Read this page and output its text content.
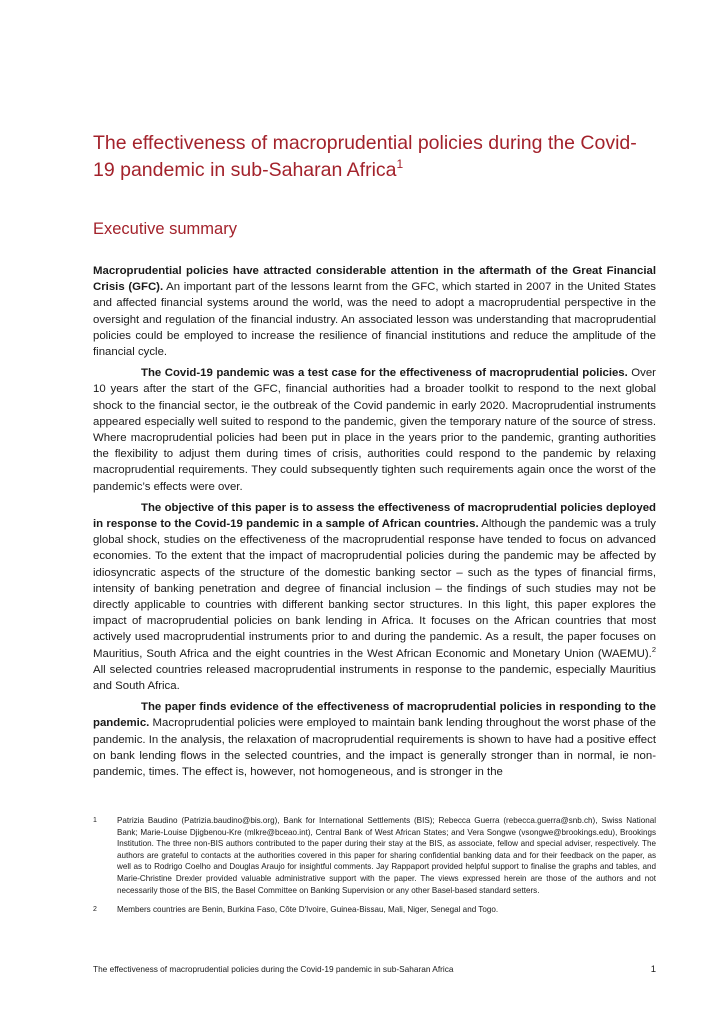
The effectiveness of macroprudential policies during the Covid-19 pandemic in sub-Saharan Africa$^1$
Executive summary

Macroprudential policies have attracted considerable attention in the aftermath of the Great Financial Crisis (GFC). An important part of the lessons learnt from the GFC, which started in 2007 in the United States and affected financial systems around the world, was the need to adopt a macroprudential perspective in the oversight and regulation of the financial industry. An associated lesson was understanding that macroprudential policies could be employed to increase the resilience of financial institutions and reduce the amplitude of the financial cycle.

The Covid-19 pandemic was a test case for the effectiveness of macroprudential policies. Over 10 years after the start of the GFC, financial authorities had a broader toolkit to respond to the next global shock to the financial sector, ie the outbreak of the Covid pandemic in early 2020. Macroprudential instruments appeared especially well suited to respond to the pandemic, given the temporary nature of the source of stress. Where macroprudential policies had been put in place in the years prior to the pandemic, granting authorities the flexibility to adjust them during times of crisis, authorities could respond to the pandemic by relaxing macroprudential requirements. They could subsequently tighten such requirements again once the worst of the pandemic’s effects were over.

The objective of this paper is to assess the effectiveness of macroprudential policies deployed in response to the Covid-19 pandemic in a sample of African countries. Although the pandemic was a truly global shock, studies on the effectiveness of the macroprudential response have tended to focus on advanced economies. To the extent that the impact of macroprudential policies during the pandemic may be affected by idiosyncratic aspects of the structure of the domestic banking sector – such as the types of financial firms, intensity of banking penetration and degree of financial inclusion – the findings of such studies may not be directly applicable to countries with different banking sector structures. In this light, this paper explores the impact of macroprudential policies on bank lending in Africa. It focuses on the African countries that most actively used macroprudential instruments prior to and during the pandemic. As a result, the paper focuses on Mauritius, South Africa and the eight countries in the West African Economic and Monetary Union (WAEMU).$^2$ All selected countries released macroprudential instruments in response to the pandemic, especially Mauritius and South Africa.

The paper finds evidence of the effectiveness of macroprudential policies in responding to the pandemic. Macroprudential policies were employed to maintain bank lending throughout the worst phase of the pandemic. In the analysis, the relaxation of macroprudential requirements is shown to have had a positive effect on bank lending flows in the selected countries, and the impact is generally stronger than in normal, ie non-pandemic, times. The effect is, however, not homogeneous, and is stronger in the

1	Patrizia Baudino (Patrizia.baudino@bis.org), Bank for International Settlements (BIS); Rebecca Guerra (rebecca.guerra@snb.ch), Swiss National Bank; Marie-Louise Djigbenou-Kre (mlkre@bceao.int), Central Bank of West African States; and Vera Songwe (vsongwe@brookings.edu), Brookings Institution. The three non-BIS authors contributed to the paper during their stay at the BIS, as associate, fellow and special adviser, respectively. The authors are grateful to contacts at the authorities covered in this paper for sharing confidential banking data and for their feedback on the paper, as well as to Rodrigo Coelho and Douglas Araujo for insightful comments. Jay Rappaport provided helpful support to finalise the graphs and tables, and Marie-Christine Drexler provided valuable administrative support with the paper. The views expressed herein are those of the authors and not necessarily those of the BIS, the Basel Committee on Banking Supervision or any other Basel-based standard setters.
2	Members countries are Benin, Burkina Faso, Côte D'Ivoire, Guinea-Bissau, Mali, Niger, Senegal and Togo.
The effectiveness of macroprudential policies during the Covid-19 pandemic in sub-Saharan Africa	1
